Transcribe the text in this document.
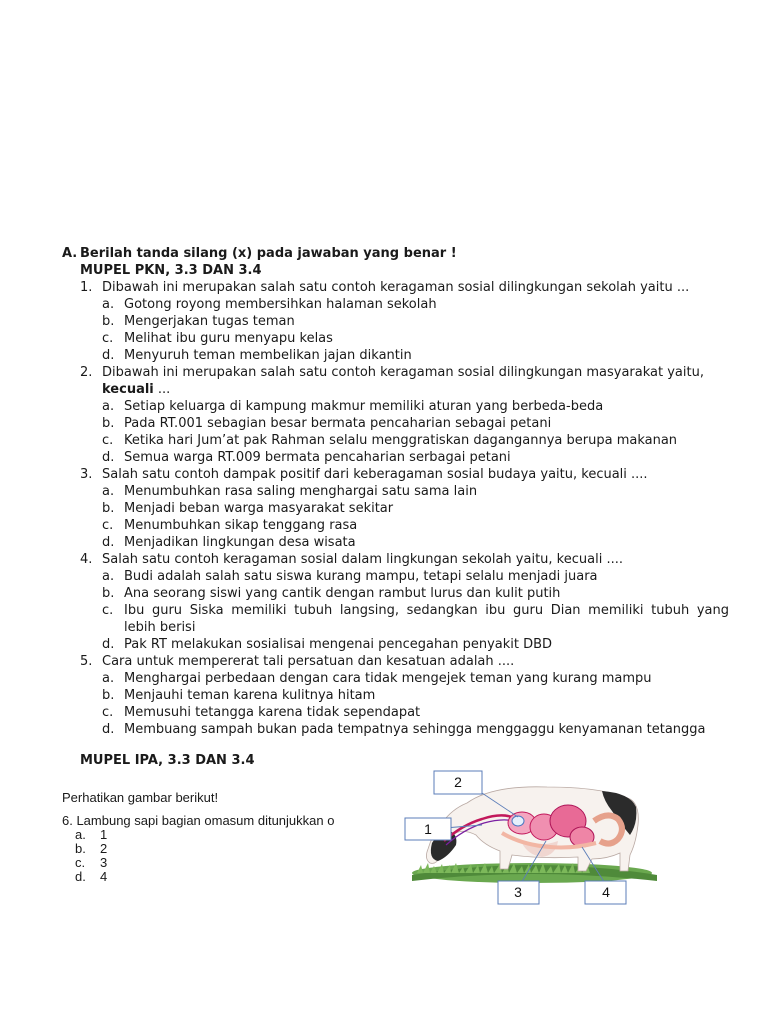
A. Berilah tanda silang (x) pada jawaban yang benar !
MUPEL PKN, 3.3 DAN 3.4
1. Dibawah ini merupakan salah satu contoh keragaman sosial dilingkungan sekolah yaitu ...
a. Gotong royong membersihkan halaman sekolah
b. Mengerjakan tugas teman
c. Melihat ibu guru menyapu kelas
d. Menyuruh teman membelikan jajan dikantin
2. Dibawah ini merupakan salah satu contoh keragaman sosial dilingkungan masyarakat yaitu,
kecuali ...
a. Setiap keluarga di kampung makmur memiliki aturan yang berbeda-beda
b. Pada RT.001 sebagian besar bermata pencaharian sebagai petani
c. Ketika hari Jum’at pak Rahman selalu menggratiskan dagangannya berupa makanan
d. Semua warga RT.009 bermata pencaharian serbagai petani
3. Salah satu contoh dampak positif dari keberagaman sosial budaya yaitu, kecuali ....
a. Menumbuhkan rasa saling menghargai satu sama lain
b. Menjadi beban warga masyarakat sekitar
c. Menumbuhkan sikap tenggang rasa
d. Menjadikan lingkungan desa wisata
4. Salah satu contoh keragaman sosial dalam lingkungan sekolah yaitu, kecuali ....
a. Budi adalah salah satu siswa kurang mampu, tetapi selalu menjadi juara
b. Ana seorang siswi yang cantik dengan rambut lurus dan kulit putih
c. Ibu guru Siska memiliki tubuh langsing, sedangkan ibu guru Dian memiliki tubuh yang
lebih berisi
d. Pak RT melakukan sosialisai mengenai pencegahan penyakit DBD
5. Cara untuk mempererat tali persatuan dan kesatuan adalah ....
a. Menghargai perbedaan dengan cara tidak mengejek teman yang kurang mampu
b. Menjauhi teman karena kulitnya hitam
c. Memusuhi tetangga karena tidak sependapat
d. Membuang sampah bukan pada tempatnya sehingga menggaggu kenyamanan tetangga
MUPEL IPA, 3.3 DAN 3.4
Perhatikan gambar berikut!
6. Lambung sapi bagian omasum ditunjukkan o
a. 1
b. 2
c. 3
d. 4
1
2
3	4
